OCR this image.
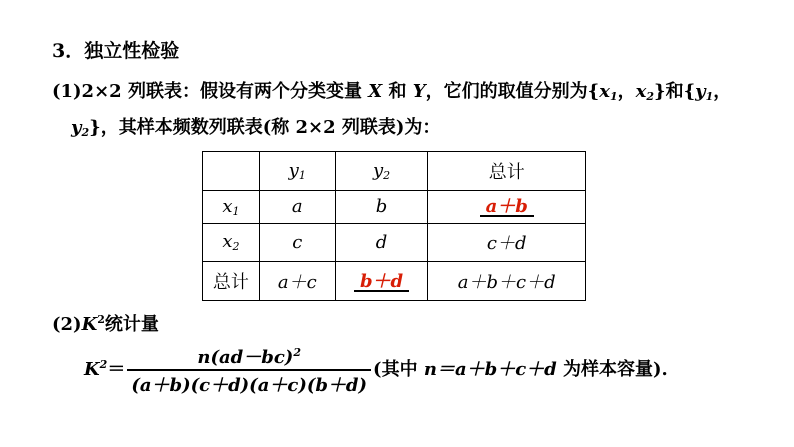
3．独立性检验
(1)2×2 列联表：假设有两个分类变量 X 和 Y，它们的取值分别为{$x_1$，$x_2$}和{$y_1$，
$y_2$}，其样本频数列联表(称 2×2 列联表)为：
	$y_1$	$y_2$	总计
$x_1$	a	b	a＋b
$x_2$	c	d	c＋d
总计	a＋c	b＋d	a＋b＋c＋d
$(2)K^2$统计量
$K^2= \frac{n(ad-bc)^2}{(a+b)(c+d)(a+c)(b+d)}$ (其中 n＝a＋b＋c＋d 为样本容量).
